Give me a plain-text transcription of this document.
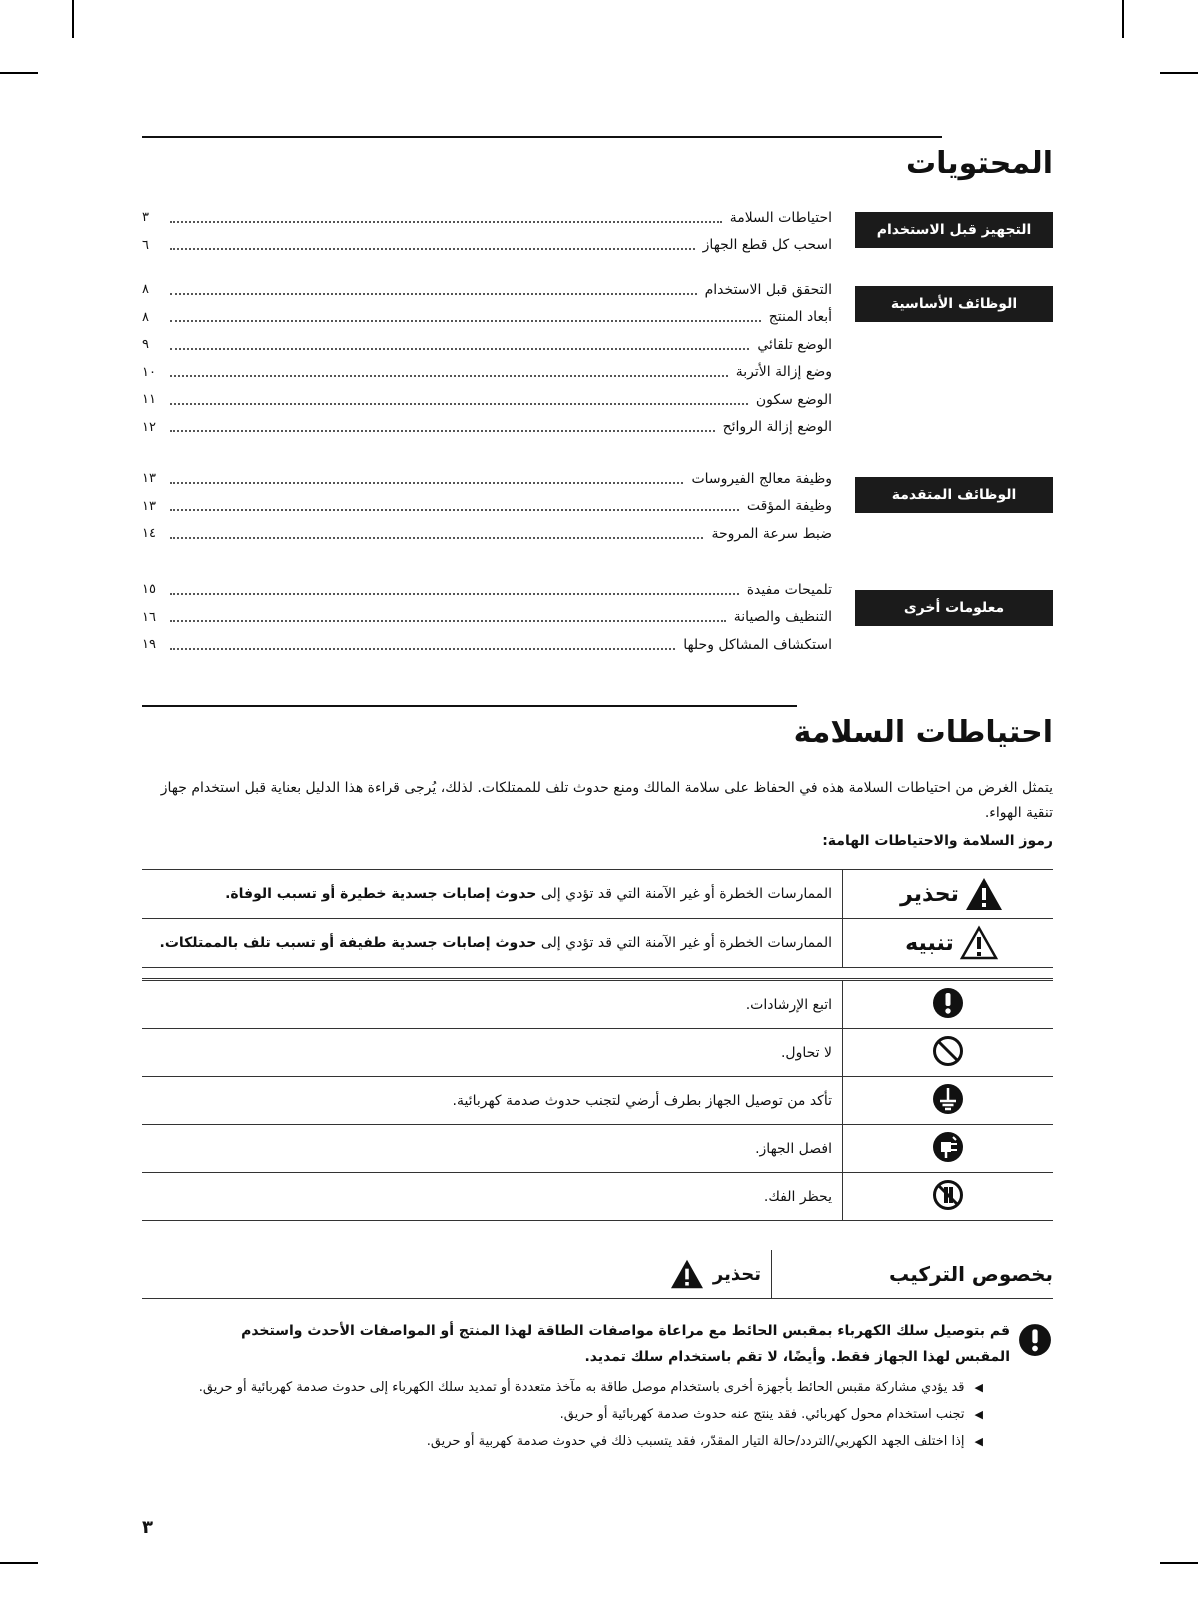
المحتويات
التجهيز قبل الاستخدام
٣	احتياطات السلامة
٦	اسحب كل قطع الجهاز
الوظائف الأساسية
٨	التحقق قبل الاستخدام
٨	أبعاد المنتج
٩	الوضع تلقائي
١٠	وضع إزالة الأتربة
١١	الوضع سكون
١٢	الوضع إزالة الروائح
الوظائف المتقدمة
١٣	وظيفة معالج الفيروسات
١٣	وظيفة المؤقت
١٤	ضبط سرعة المروحة
معلومات أخرى
١٥	تلميحات مفيدة
١٦	التنظيف والصيانة
١٩	استكشاف المشاكل وحلها
احتياطات السلامة
يتمثل الغرض من احتياطات السلامة هذه في الحفاظ على سلامة المالك ومنع حدوث تلف للممتلكات. لذلك، يُرجى قراءة هذا الدليل بعناية قبل استخدام جهاز تنقية الهواء.
رموز السلامة والاحتياطات الهامة:
الممارسات الخطرة أو غير الآمنة التي قد تؤدي إلى حدوث إصابات جسدية خطيرة أو تسبب الوفاة.	تحذير
الممارسات الخطرة أو غير الآمنة التي قد تؤدي إلى حدوث إصابات جسدية طفيفة أو تسبب تلف بالممتلكات.	تنبيه
اتبع الإرشادات.	
لا تحاول.	
تأكد من توصيل الجهاز بطرف أرضي لتجنب حدوث صدمة كهربائية.	
افصل الجهاز.	
يحظر الفك.	
تحذير	بخصوص التركيب
قم بتوصيل سلك الكهرباء بمقبس الحائط مع مراعاة مواصفات الطاقة لهذا المنتج أو المواصفات الأحدث واستخدم المقبس لهذا الجهاز فقط. وأيضًا، لا تقم باستخدام سلك تمديد.
◀قد يؤدي مشاركة مقبس الحائط بأجهزة أخرى باستخدام موصل طاقة به مآخذ متعددة أو تمديد سلك الكهرباء إلى حدوث صدمة كهربائية أو حريق.
◀تجنب استخدام محول كهربائي. فقد ينتج عنه حدوث صدمة كهربائية أو حريق.
◀إذا اختلف الجهد الكهربي/التردد/حالة التيار المقدّر، فقد يتسبب ذلك في حدوث صدمة كهربية أو حريق.
٣
